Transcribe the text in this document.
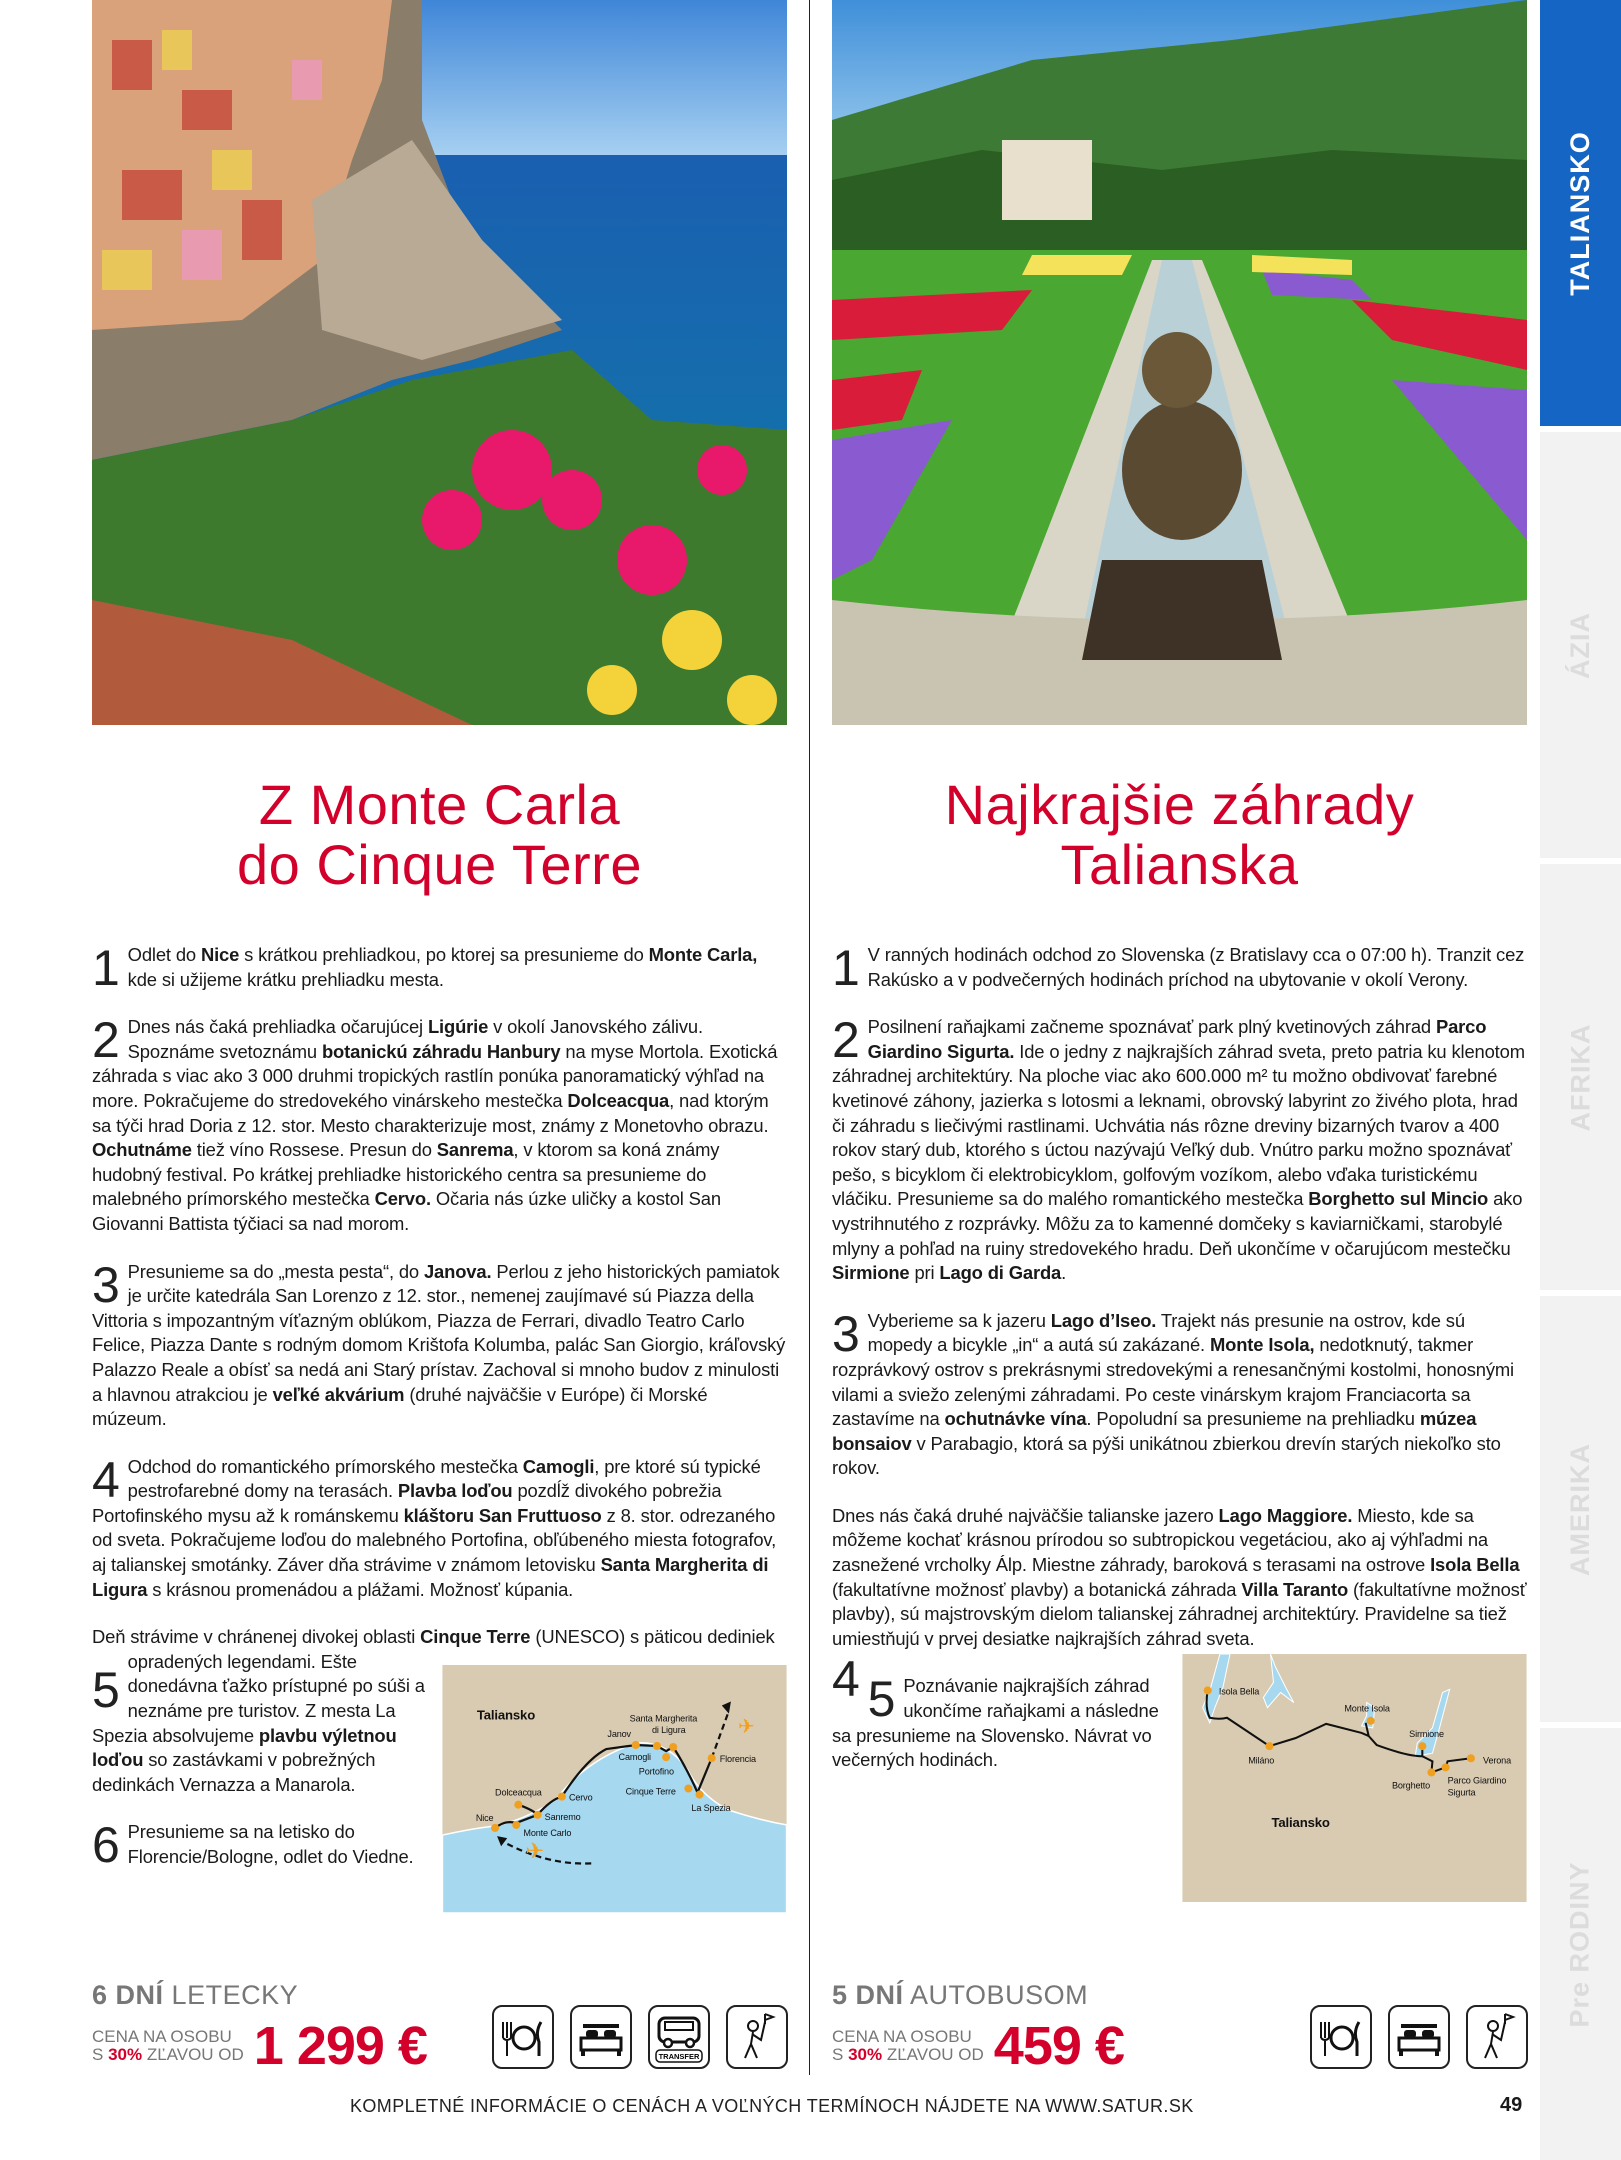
Z Monte Carla
do Cinque Terre

1 Odlet do Nice s krátkou prehliadkou, po ktorej sa presunieme do Monte Carla, kde si užijeme krátku prehliadku mesta.

2 Dnes nás čaká prehliadka očarujúcej Ligúrie v okolí Janovského zálivu. Spoznáme svetoznámu botanickú záhradu Hanbury na myse Mortola. Exotická záhrada s viac ako 3 000 druhmi tropických rastlín ponúka panoramatický výhľad na more. Pokračujeme do stredovekého vinárskeho mestečka Dolceacqua, nad ktorým sa týči hrad Doria z 12. stor. Mesto charakterizuje most, známy z Monetovho obrazu. Ochutnáme tiež víno Rossese. Presun do Sanrema, v ktorom sa koná známy hudobný festival. Po krátkej prehliadke historického centra sa presunieme do malebného prímorského mestečka Cervo. Očaria nás úzke uličky a kostol San Giovanni Battista týčiaci sa nad morom.

3 Presunieme sa do „mesta pesta“, do Janova. Perlou z jeho historických pamiatok je určite katedrála San Lorenzo z 12. stor., nemenej zaujímavé sú Piazza della Vittoria s impozantným víťazným oblúkom, Piazza de Ferrari, divadlo Teatro Carlo Felice, Piazza Dante s rodným domom Krištofa Kolumba, palác San Giorgio, kráľovský Palazzo Reale a obísť sa nedá ani Starý prístav. Zachoval si mnoho budov z minulosti a hlavnou atrakciou je veľké akvárium (druhé najväčšie v Európe) či Morské múzeum.

4 Odchod do romantického prímorského mestečka Camogli, pre ktoré sú typické pestrofarebné domy na terasách. Plavba loďou pozdĺž divokého pobrežia Portofinského mysu až k románskemu kláštoru San Fruttuoso z 8. stor. odrezaného od sveta. Pokračujeme loďou do malebného Portofina, obľúbeného miesta fotografov, aj talianskej smotánky. Záver dňa strávime v známom letovisku Santa Margherita di Ligura s krásnou promenádou a plážami. Možnosť kúpania.

✈
✈
Taliansko
Nice
Monte Carlo
Dolceacqua
Sanremo
Cervo
Janov
Camogli
Portofino
Santa Margherita
di Ligura
Cinque Terre
La Spezia
Florencia
5
Deň strávime v chránenej divokej oblasti Cinque Terre (UNESCO) s päticou dediniek opradených legendami. Ešte donedávna ťažko prístupné po súši a neznáme pre turistov. Z mesta La Spezia absolvujeme plavbu výletnou loďou so zastávkami v pobrežných dedinkách Vernazza a Manarola.

6 Presunieme sa na letisko do Florencie/Bologne, odlet do Viedne.

Najkrajšie záhrady
Talianska

1 V ranných hodinách odchod zo Slovenska (z Bratislavy cca o 07:00 h). Tranzit cez Rakúsko a v podvečerných hodinách príchod na ubytovanie v okolí Verony.

2 Posilnení raňajkami začneme spoznávať park plný kvetinových záhrad Parco Giardino Sigurta. Ide o jedny z najkrajších záhrad sveta, preto patria ku klenotom záhradnej architektúry. Na ploche viac ako 600.000 m² tu možno obdivovať farebné kvetinové záhony, jazierka s lotosmi a leknami, obrovský labyrint zo živého plota, hrad či záhradu s liečivými rastlinami. Uchvátia nás rôzne dreviny bizarných tvarov a 400 rokov starý dub, ktorého s úctou nazývajú Veľký dub. Vnútro parku možno spoznávať pešo, s bicyklom či elektrobicyklom, golfovým vozíkom, alebo vďaka turistickému vláčiku. Presunieme sa do malého romantického mestečka Borghetto sul Mincio ako vystrihnutého z rozprávky. Môžu za to kamenné domčeky s kaviarničkami, starobylé mlyny a pohľad na ruiny stredovekého hradu. Deň ukončíme v očarujúcom mestečku Sirmione pri Lago di Garda.

3 Vyberieme sa k jazeru Lago d’Iseo. Trajekt nás presunie na ostrov, kde sú mopedy a bicykle „in“ a autá sú zakázané. Monte Isola, nedotknutý, takmer rozprávkový ostrov s prekrásnymi stredovekými a renesančnými kostolmi, honosnými vilami a sviežo zelenými záhradami. Po ceste vinárskym krajom Franciacorta sa zastavíme na ochutnávke vína. Popoludní sa presunieme na prehliadku múzea bonsaiov v Parabagio, ktorá sa pýši unikátnou zbierkou drevín starých niekoľko sto rokov.

Isola Bella
Miláno
Monte Isola
Sirmione
Verona
Borghetto
Parco Giardino
Sigurta
Taliansko
4
Dnes nás čaká druhé najväčšie talianske jazero Lago Maggiore. Miesto, kde sa môžeme kochať krásnou prírodou so subtropickou vegetáciou, ako aj výhľadmi na zasnežené vrcholky Álp. Miestne záhrady, baroková s terasami na ostrove Isola Bella (fakultatívne možnosť plavby) a botanická záhrada Villa Taranto (fakultatívne možnosť plavby), sú majstrovským dielom talianskej záhradnej architektúry. Pravidelne sa tiež umiestňujú v prvej desiatke najkrajších záhrad sveta.

5 Poznávanie najkrajších záhrad ukončíme raňajkami a následne sa presunieme na Slovensko. Návrat vo večerných hodinách.

6 DNÍ LETECKY
CENA NA OSOBU
S 30% ZĽAVOU OD 1 299 €
5 DNÍ AUTOBUSOM
CENA NA OSOBU
S 30% ZĽAVOU OD 459 €
TRANSFER
KOMPLETNÉ INFORMÁCIE O CENÁCH A VOĽNÝCH TERMÍNOCH NÁJDETE NA WWW.SATUR.SK	49
TALIANSKO
ÁZIA
AFRIKA
AMERIKA
Pre RODINY
